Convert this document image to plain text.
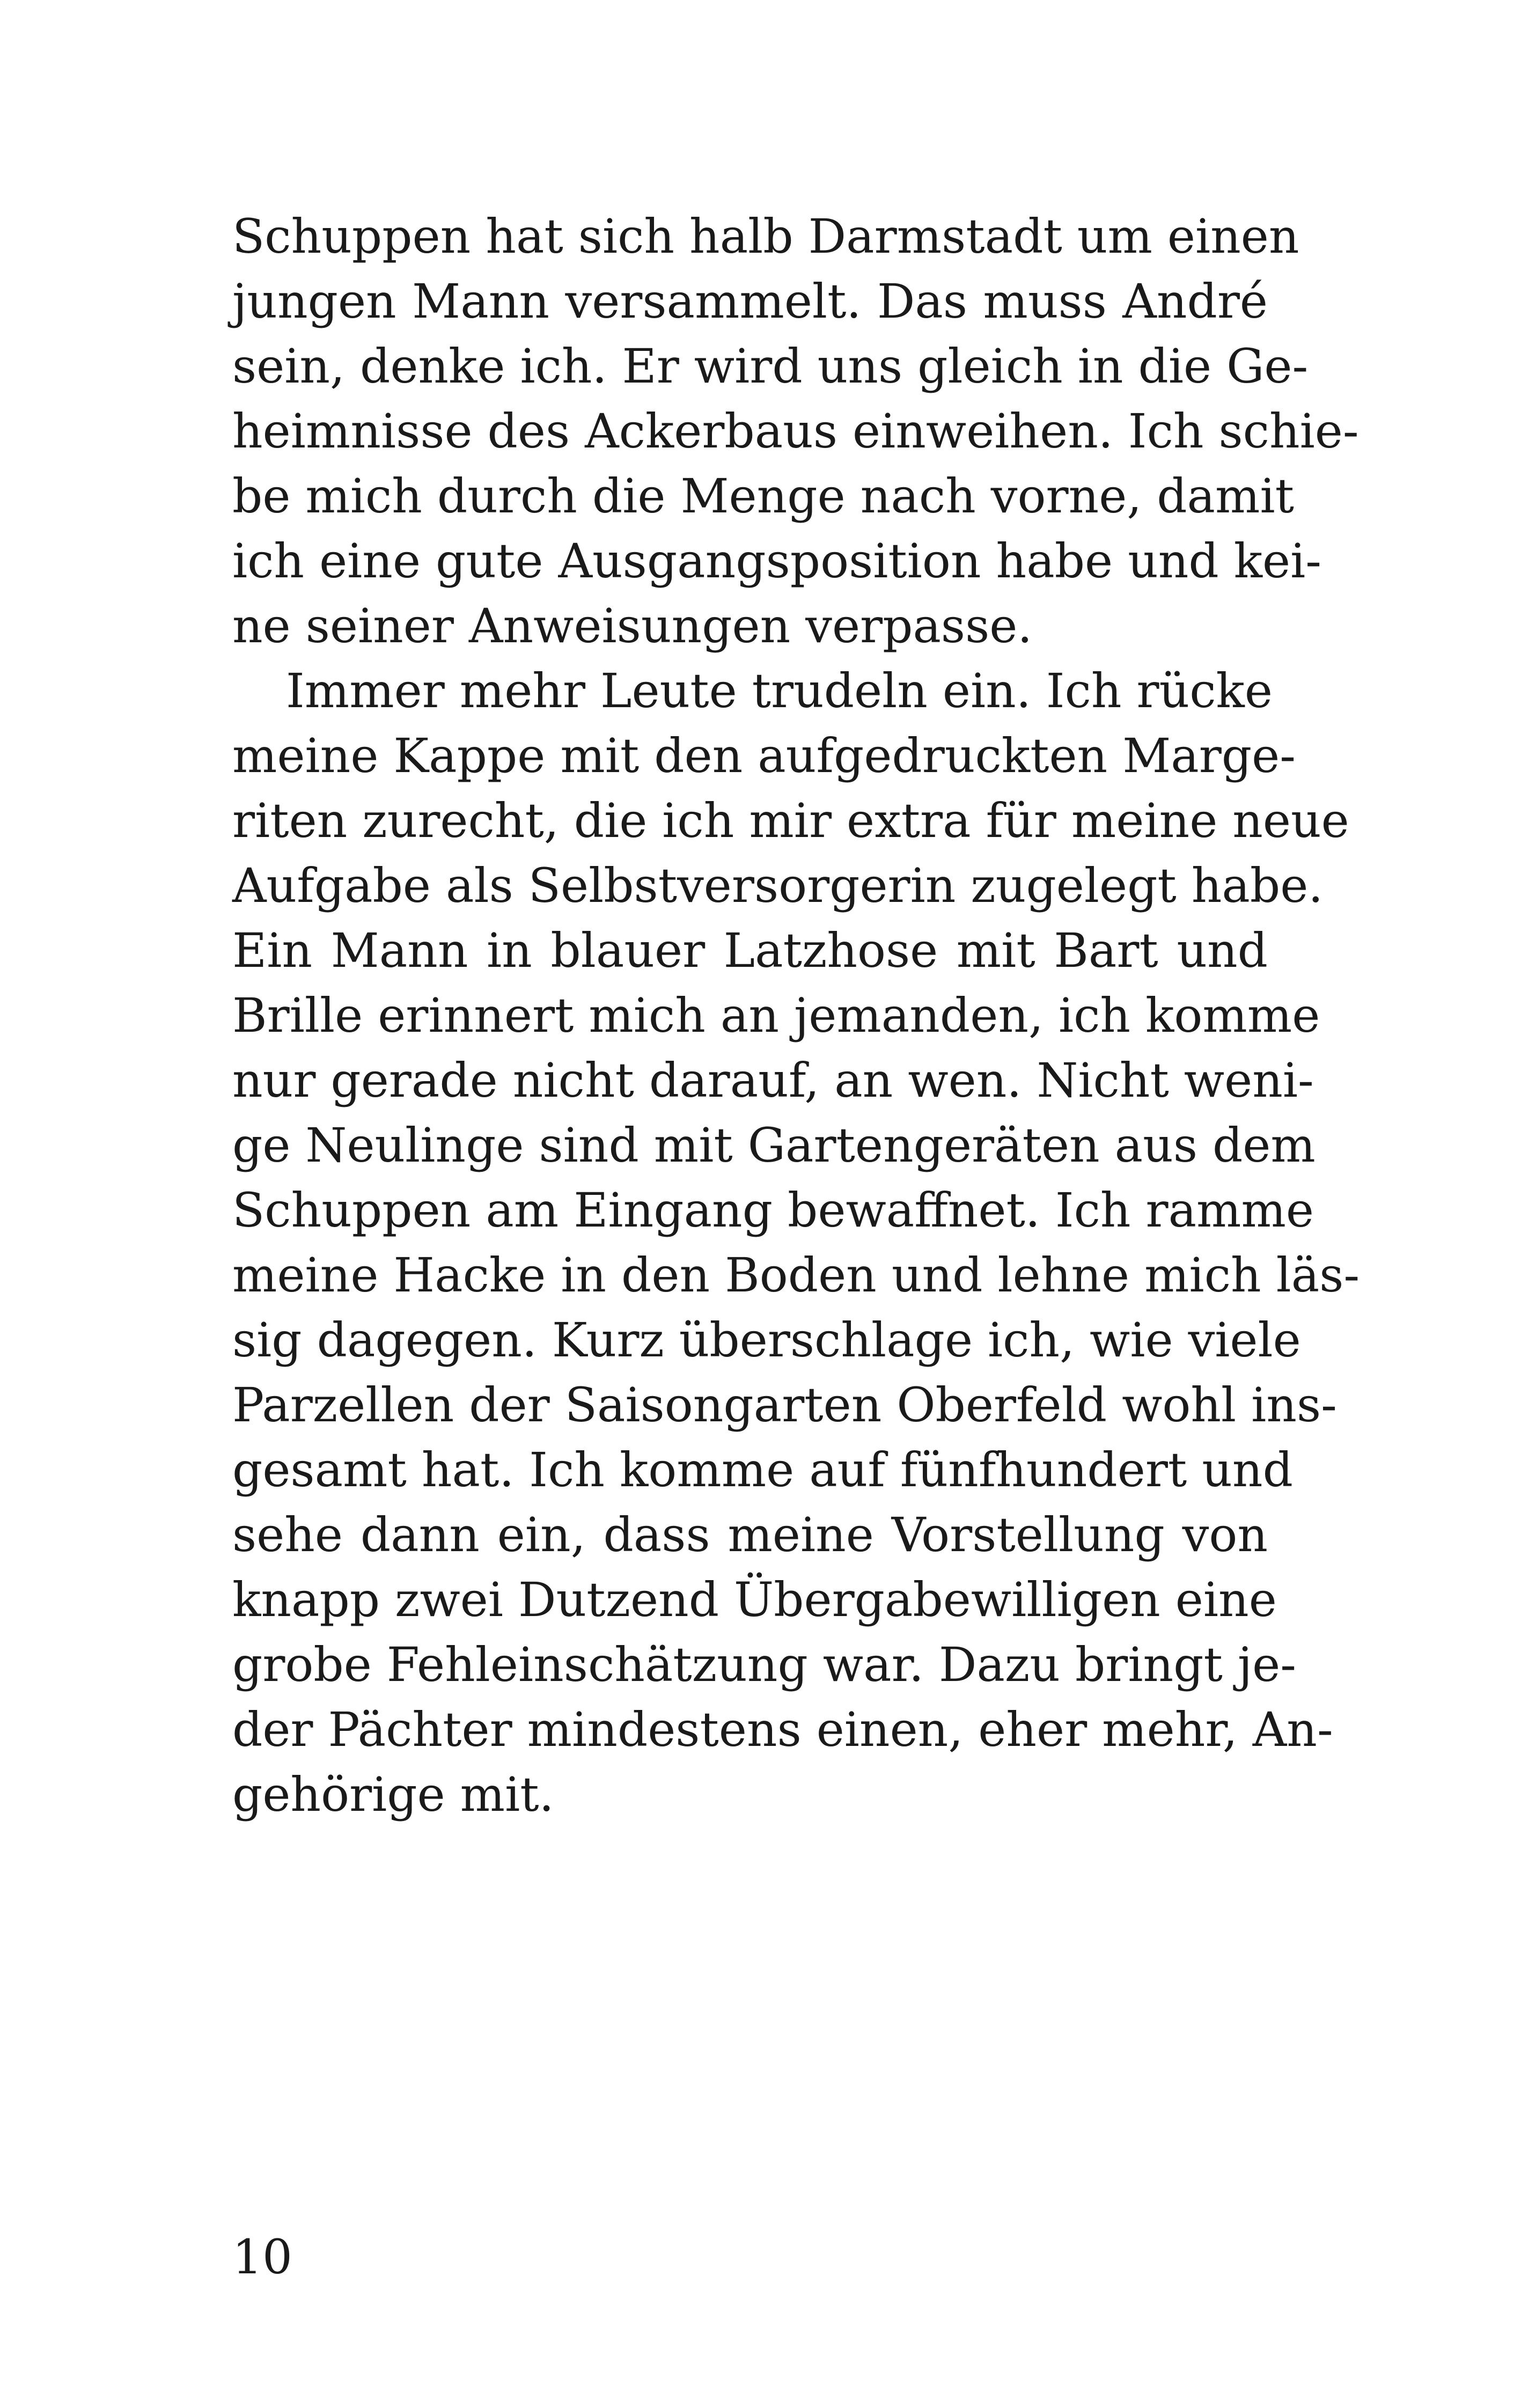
Schuppen hat sich halb Darmstadt um einen
jungen Mann versammelt. Das muss André
sein, denke ich. Er wird uns gleich in die Ge-
heimnisse des Ackerbaus einweihen. Ich schie-
be mich durch die Menge nach vorne, damit
ich eine gute Ausgangsposition habe und kei-
ne seiner Anweisungen verpasse.
Immer mehr Leute trudeln ein. Ich rücke
meine Kappe mit den aufgedruckten Marge-
riten zurecht, die ich mir extra für meine neue
Aufgabe als Selbstversorgerin zugelegt habe.
Ein Mann in blauer Latzhose mit Bart und
Brille erinnert mich an jemanden, ich komme
nur gerade nicht darauf, an wen. Nicht weni-
ge Neulinge sind mit Gartengeräten aus dem
Schuppen am Eingang bewaffnet. Ich ramme
meine Hacke in den Boden und lehne mich läs-
sig dagegen. Kurz überschlage ich, wie viele
Parzellen der Saisongarten Oberfeld wohl ins-
gesamt hat. Ich komme auf fünfhundert und
sehe dann ein, dass meine Vorstellung von
knapp zwei Dutzend Übergabewilligen eine
grobe Fehleinschätzung war. Dazu bringt je-
der Pächter mindestens einen, eher mehr, An-
gehörige mit.
10
